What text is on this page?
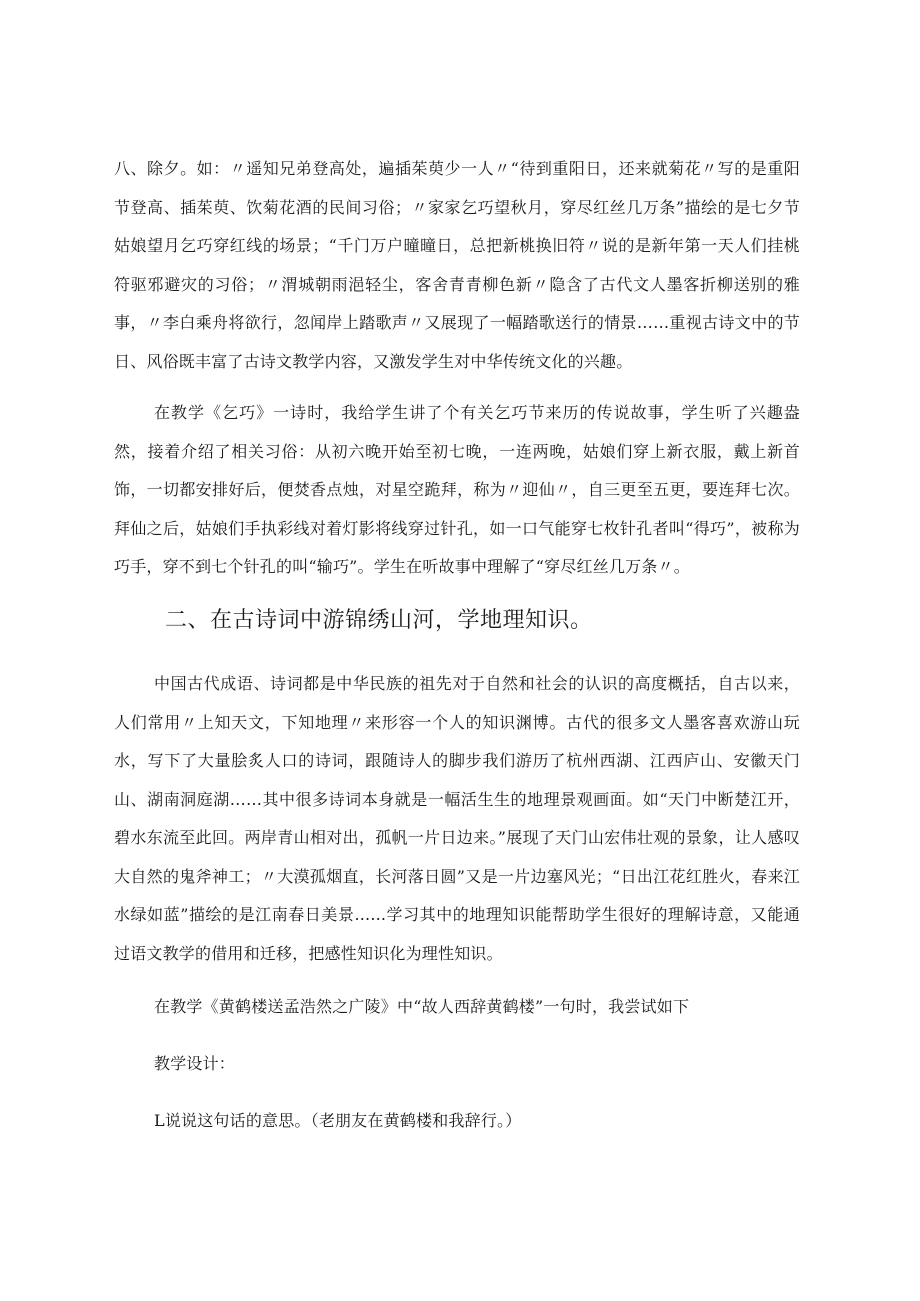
八、除夕。如：〃遥知兄弟登高处，遍插茱萸少一人〃“待到重阳日，还来就菊花〃写的是重阳节登高、插茱萸、饮菊花酒的民间习俗；〃家家乞巧望秋月，穿尽红丝几万条”描绘的是七夕节姑娘望月乞巧穿红线的场景；“千门万户曈曈日，总把新桃换旧符〃说的是新年第一天人们挂桃符驱邪避灾的习俗；〃渭城朝雨浥轻尘，客舍青青柳色新〃隐含了古代文人墨客折柳送别的雅事，〃李白乘舟将欲行，忽闻岸上踏歌声〃又展现了一幅踏歌送行的情景……重视古诗文中的节日、风俗既丰富了古诗文教学内容，又激发学生对中华传统文化的兴趣。

在教学《乞巧》一诗时，我给学生讲了个有关乞巧节来历的传说故事，学生听了兴趣盎然，接着介绍了相关习俗：从初六晚开始至初七晚，一连两晚，姑娘们穿上新衣服，戴上新首饰，一切都安排好后，便焚香点烛，对星空跪拜，称为〃迎仙〃，自三更至五更，要连拜七次。拜仙之后，姑娘们手执彩线对着灯影将线穿过针孔，如一口气能穿七枚针孔者叫“得巧”，被称为巧手，穿不到七个针孔的叫“输巧”。学生在听故事中理解了“穿尽红丝几万条〃。

二、在古诗词中游锦绣山河，学地理知识。

中国古代成语、诗词都是中华民族的祖先对于自然和社会的认识的高度概括，自古以来，人们常用〃上知天文，下知地理〃来形容一个人的知识渊博。古代的很多文人墨客喜欢游山玩水，写下了大量脍炙人口的诗词，跟随诗人的脚步我们游历了杭州西湖、江西庐山、安徽天门山、湖南洞庭湖……其中很多诗词本身就是一幅活生生的地理景观画面。如“天门中断楚江开，碧水东流至此回。两岸青山相对出，孤帆一片日边来。”展现了天门山宏伟壮观的景象，让人感叹大自然的鬼斧神工；〃大漠孤烟直，长河落日圆”又是一片边塞风光；“日出江花红胜火，春来江水绿如蓝”描绘的是江南春日美景......学习其中的地理知识能帮助学生很好的理解诗意，又能通过语文教学的借用和迁移，把感性知识化为理性知识。

在教学《黄鹤楼送孟浩然之广陵》中“故人西辞黄鹤楼”一句时，我尝试如下

教学设计：

L说说这句话的意思。（老朋友在黄鹤楼和我辞行。）
